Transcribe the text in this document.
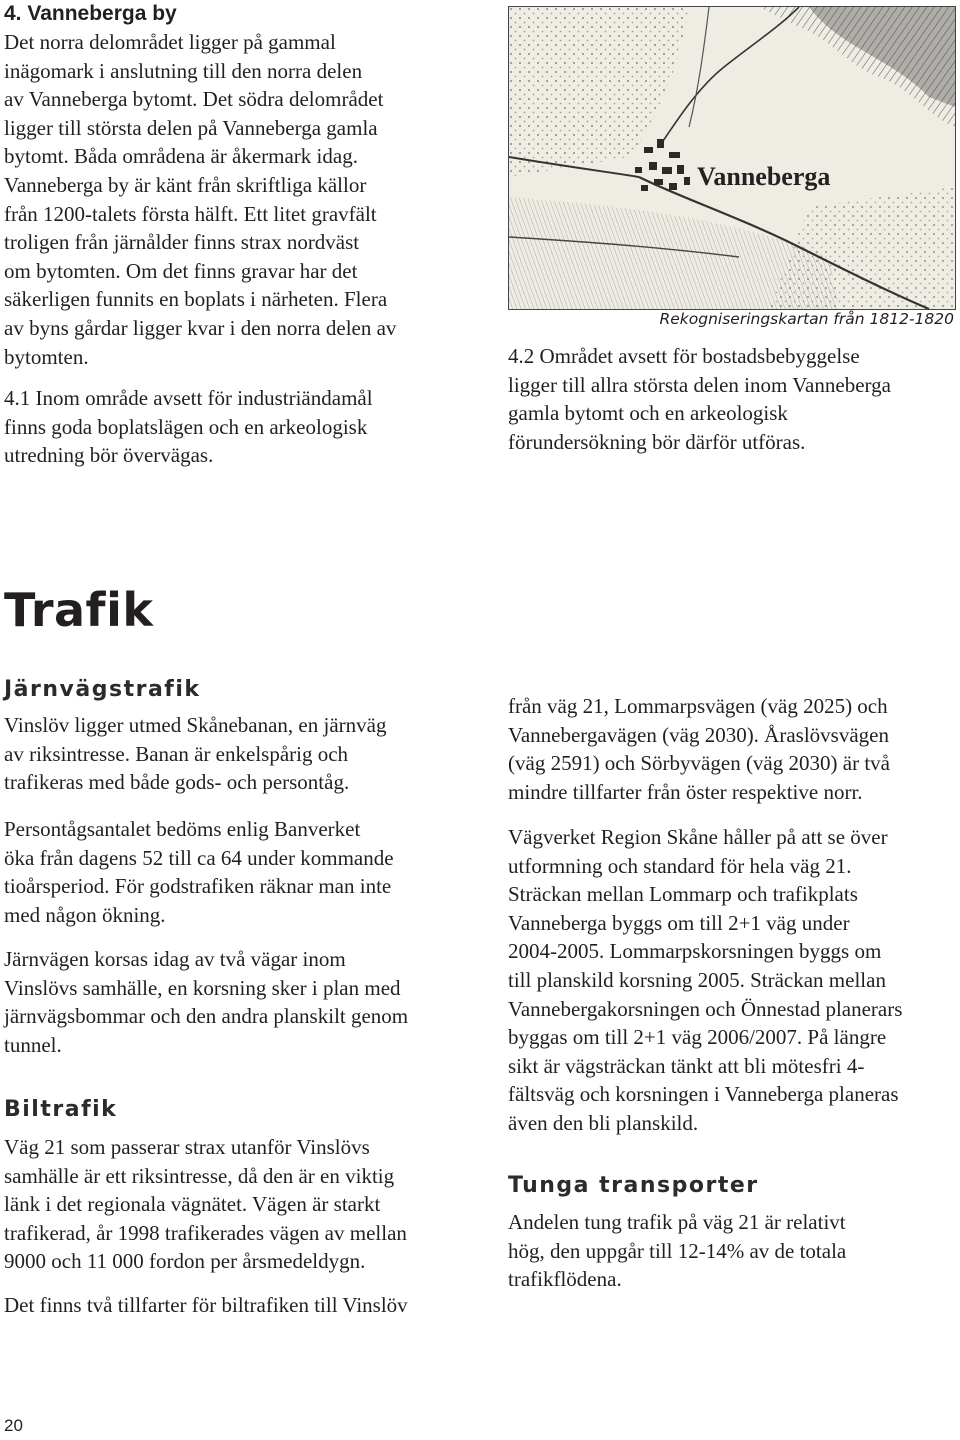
4. Vanneberga by

Det norra delområdet ligger på gammal

inägomark i anslutning till den norra delen

av Vanneberga bytomt. Det södra delområdet

ligger till största delen på Vanneberga gamla

bytomt. Båda områdena är åkermark idag.

Vanneberga by är känt från skriftliga källor

från 1200-talets första hälft. Ett litet gravfält

troligen från järnålder finns strax nordväst

om bytomten. Om det finns gravar har det

säkerligen funnits en boplats i närheten. Flera

av byns gårdar ligger kvar i den norra delen av

bytomten.

4.1 Inom område avsett för industriändamål

finns goda boplatslägen och en arkeologisk

utredning bör övervägas.

Vanneberga
Rekogniseringskartan från 1812-1820

4.2 Området avsett för bostadsbebyggelse

ligger till allra största delen inom Vanneberga

gamla bytomt och en arkeologisk

förundersökning bör därför utföras.

Trafik
Järnvägstrafik

Vinslöv ligger utmed Skånebanan, en järnväg

av riksintresse. Banan är enkelspårig och

trafikeras med både gods- och persontåg.

Persontågsantalet bedöms enlig Banverket

öka från dagens 52 till ca 64 under kommande

tioårsperiod. För godstrafiken räknar man inte

med någon ökning.

Järnvägen korsas idag av två vägar inom

Vinslövs samhälle, en korsning sker i plan med

järnvägsbommar och den andra planskilt genom

tunnel.

Biltrafik

Väg 21 som passerar strax utanför Vinslövs

samhälle är ett riksintresse, då den är en viktig

länk i det regionala vägnätet. Vägen är starkt

trafikerad, år 1998 trafikerades vägen av mellan

9000 och 11 000 fordon per årsmedeldygn.

Det finns två tillfarter för biltrafiken till Vinslöv

från väg 21, Lommarpsvägen (väg 2025) och

Vannebergavägen (väg 2030). Åraslövsvägen

(väg 2591) och Sörbyvägen (väg 2030) är två

mindre tillfarter från öster respektive norr.

Vägverket Region Skåne håller på att se över

utformning och standard för hela väg 21.

Sträckan mellan Lommarp och trafikplats

Vanneberga byggs om till 2+1 väg under

2004-2005. Lommarpskorsningen byggs om

till planskild korsning 2005. Sträckan mellan

Vannebergakorsningen och Önnestad planerars

byggas om till 2+1 väg 2006/2007. På längre

sikt är vägsträckan tänkt att bli mötesfri 4-

fältsväg och korsningen i Vanneberga planeras

även den bli planskild.

Tunga transporter

Andelen tung trafik på väg 21 är relativt

hög, den uppgår till 12-14% av de totala

trafikflödena.

20
